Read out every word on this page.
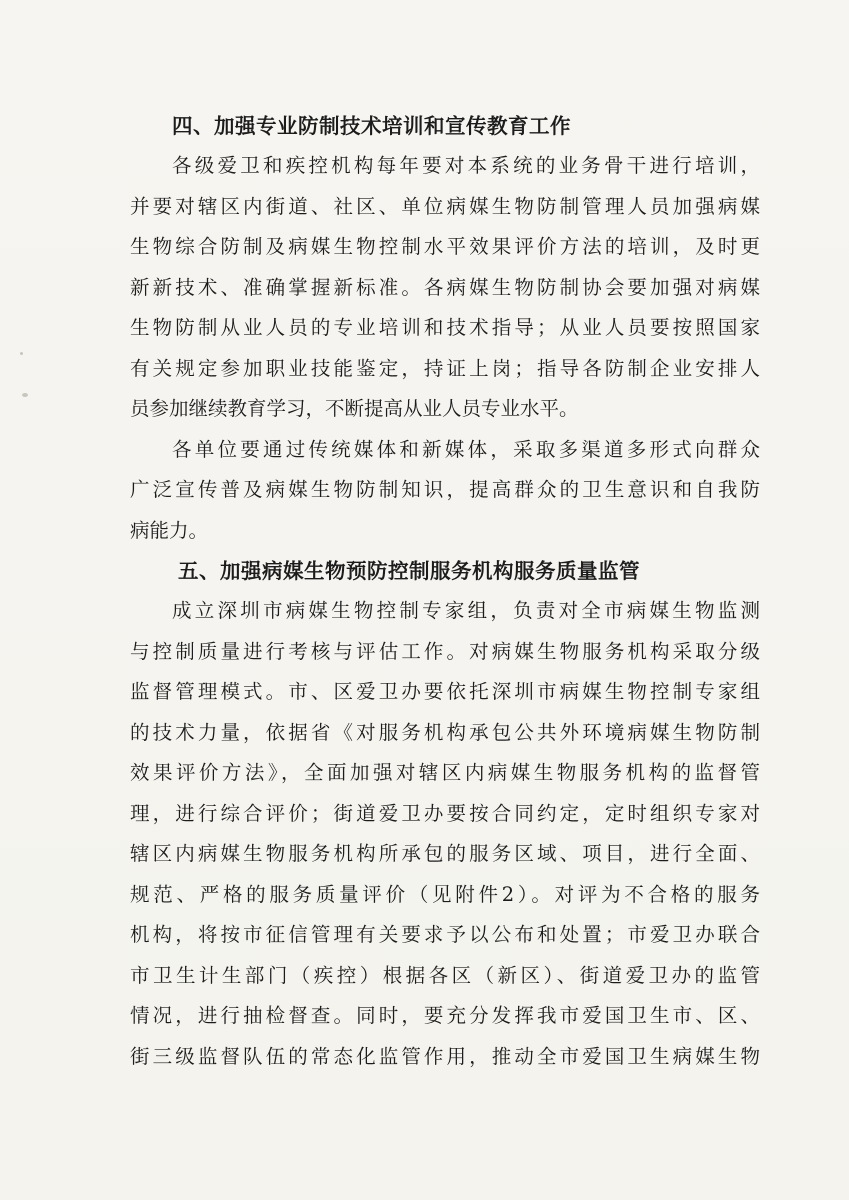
四、加强专业防制技术培训和宣传教育工作

各级爱卫和疾控机构每年要对本系统的业务骨干进行培训，
并要对辖区内街道、社区、单位病媒生物防制管理人员加强病媒
生物综合防制及病媒生物控制水平效果评价方法的培训，及时更
新新技术、准确掌握新标准。各病媒生物防制协会要加强对病媒
生物防制从业人员的专业培训和技术指导；从业人员要按照国家
有关规定参加职业技能鉴定，持证上岗；指导各防制企业安排人
员参加继续教育学习，不断提高从业人员专业水平。

各单位要通过传统媒体和新媒体，采取多渠道多形式向群众
广泛宣传普及病媒生物防制知识，提高群众的卫生意识和自我防
病能力。

五、加强病媒生物预防控制服务机构服务质量监管

成立深圳市病媒生物控制专家组，负责对全市病媒生物监测
与控制质量进行考核与评估工作。对病媒生物服务机构采取分级
监督管理模式。市、区爱卫办要依托深圳市病媒生物控制专家组
的技术力量，依据省《对服务机构承包公共外环境病媒生物防制
效果评价方法》，全面加强对辖区内病媒生物服务机构的监督管
理，进行综合评价；街道爱卫办要按合同约定，定时组织专家对
辖区内病媒生物服务机构所承包的服务区域、项目，进行全面、
规范、严格的服务质量评价（见附件2）。对评为不合格的服务
机构，将按市征信管理有关要求予以公布和处置；市爱卫办联合
市卫生计生部门（疾控）根据各区（新区）、街道爱卫办的监管
情况，进行抽检督查。同时，要充分发挥我市爱国卫生市、区、
街三级监督队伍的常态化监管作用，推动全市爱国卫生病媒生物
